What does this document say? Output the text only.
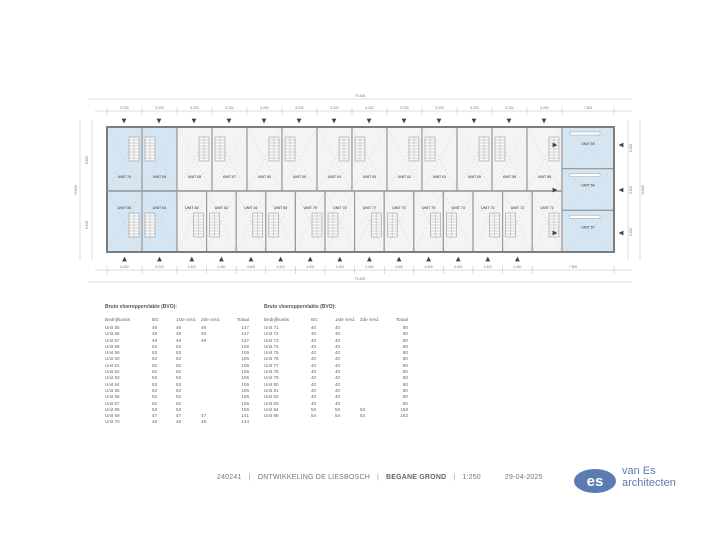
79.400
5.200	5.200	5.200	5.200	5.200	5.200	5.200	5.200	5.200	5.200	5.200	5.200	5.200	7.600
79.400
5.200	5.200	4.400	4.400	4.400	4.400	4.400	4.400	4.400	4.400	4.400	4.400	4.400	4.400	7.600
8.600
6.400
15.600
5.200
5.200
5.200
15.600
UNIT 70	UNIT 69	UNIT 68	UNIT 67	UNIT 66	UNIT 65	UNIT 64	UNIT 63	UNIT 62	UNIT 61	UNIT 60	UNIT 59	UNIT 58
UNIT 85	UNIT 84	UNIT 83	UNIT 82	UNIT 81	UNIT 80	UNIT 79	UNIT 78	UNIT 77	UNIT 76	UNIT 75	UNIT 74	UNIT 73	UNIT 72	UNIT 71
UNIT 55
UNIT 56
UNIT 57
Bruto vloeroppervlakte (BVO):
Bedrijfsunits	BG	1ste verd.	2de verd.	Totaal
Unit 55	49	49	49	147
Unit 56	49	49	49	147
Unit 57	49	49	49	147
Unit 58	53	53		106
Unit 59	53	53		106
Unit 60	53	53		106
Unit 61	53	53		106
Unit 62	53	53		106
Unit 63	53	53		106
Unit 64	53	53		106
Unit 65	53	53		106
Unit 66	53	53		106
Unit 67	53	53		106
Unit 68	53	53		106
Unit 69	47	47	47	141
Unit 70	48	48	48	144
Bruto vloeroppervlakte (BVO):
Bedrijfsunits	BG	1ste verd.	2de verd.	Totaal
Unit 71	40	40		80
Unit 72	40	40		80
Unit 73	40	40		80
Unit 74	40	40		80
Unit 75	40	40		80
Unit 76	40	40		80
Unit 77	40	40		80
Unit 78	40	40		80
Unit 79	40	40		80
Unit 80	40	40		80
Unit 81	40	40		80
Unit 82	40	40		80
Unit 83	40	40		80
Unit 84	53	53	53	159
Unit 85	54	54	54	162
240241 | ONTWIKKELING DE LIESBOSCH | BEGANE GROND | 1:250	29-04-2025	es
van Es
architecten
